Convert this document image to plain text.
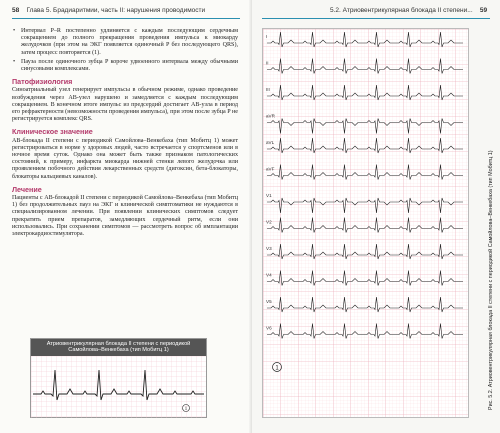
58 Глава 5. Брадиаритмии, часть II: нарушения проводимости
• Интервал P–R постепенно удлиняется с каждым последующим сердечным сокращением до полного прекращения проведения импульса к миокарду желудочков (при этом на ЭКГ появляется одиночный P без последующего QRS), затем процесс повторяется (1).
• Пауза после одиночного зубца P короче удвоенного интервала между обычными синусовыми комплексами.
Патофизиология

Синоатриальный узел генерирует импульсы в обычном режиме, однако проведение возбуждения через АВ-узел нарушено и замедляется с каждым последующим сокращением. В конечном итоге импульс из предсердий достигает АВ-узла в период его рефрактерности (невозможности проведения импульса), при этом после зубца P не регистрируется комплекс QRS.

Клиническое значение

АВ-блокада II степени с периодикой Самойлова–Венкебаха (тип Мобитц 1) может регистрироваться в норме у здоровых людей, часто встречается у спортсменов или в ночное время суток. Однако она может быть также признаком патологических состояний, к примеру, инфаркта миокарда нижней стенки левого желудочка или проявлением побочного действия лекарственных средств (дигоксин, бета-блокаторы, блокаторы кальциевых каналов).

Лечение

Пациенты с АВ-блокадой II степени с периодикой Самойлова–Венкебаха (тип Мобитц 1) без продолжительных пауз на ЭКГ и клинической симптоматики не нуждаются в специализированном лечении. При появлении клинических симптомов следует прекратить прием препаратов, замедляющих сердечный ритм, если они использовались. При сохранении симптомов — рассмотреть вопрос об имплантации электрокардиостимулятора.

Атриовентрикулярная блокада II степени с периодикой Самойлова–Венкебаха (тип Мобитц 1)
1
5.2. Атриовентрикулярная блокада II степени... 59
I
II
III
aVR
aVL
aVF
V1
V2
V3
V4
V5
V6
1	Рис. 5.2. Атриовентрикулярная блокада II степени с периодикой Самойлова–Венкебаха (тип Мобитц 1)
